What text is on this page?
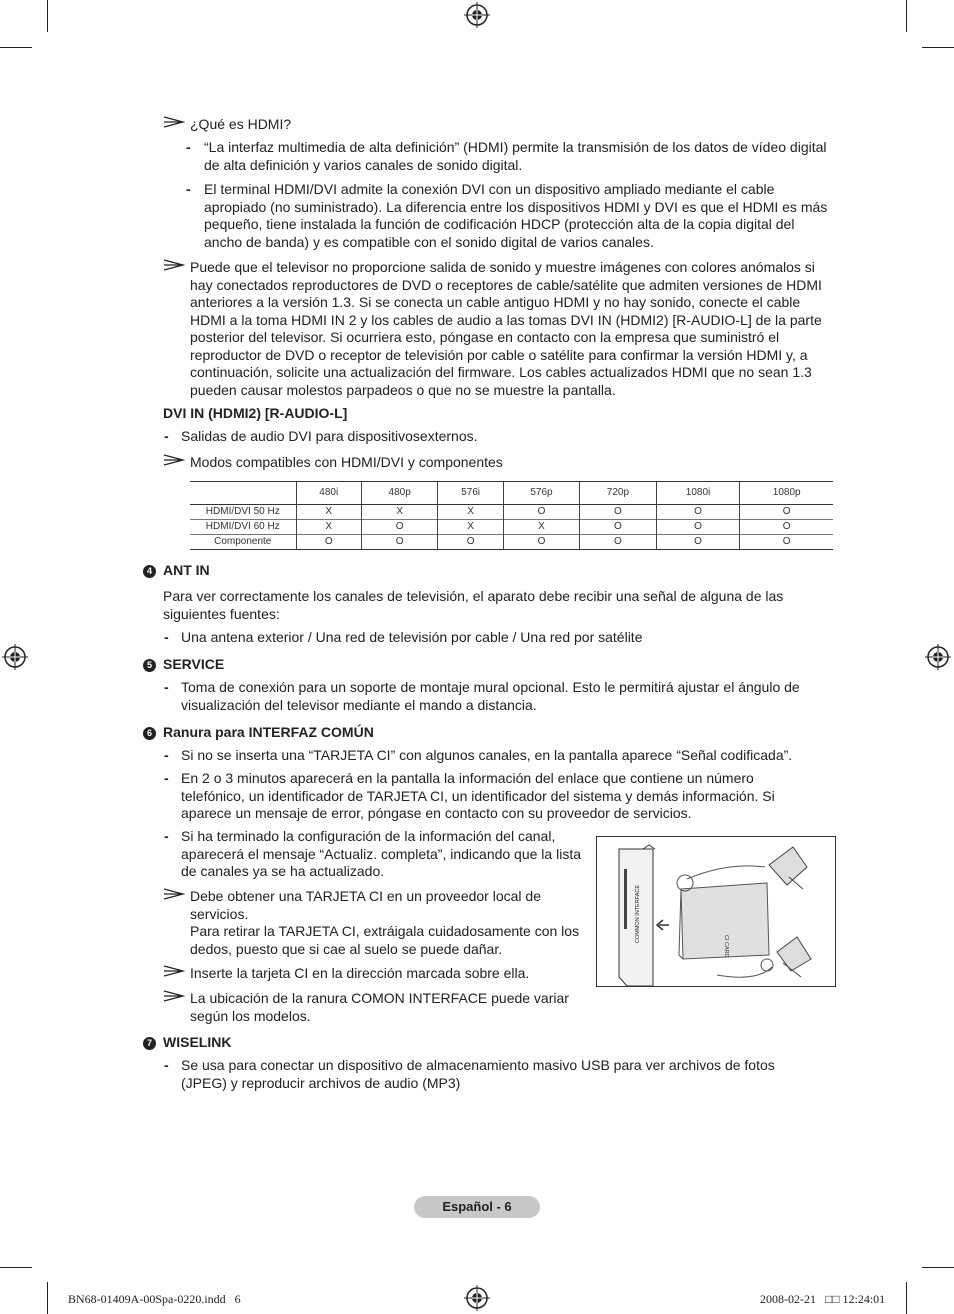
¿Qué es HDMI?
- “La interfaz multimedia de alta definición” (HDMI) permite la transmisión de los datos de vídeo digital de alta definición y varios canales de sonido digital.
- El terminal HDMI/DVI admite la conexión DVI con un dispositivo ampliado mediante el cable apropiado (no suministrado). La diferencia entre los dispositivos HDMI y DVI es que el HDMI es más pequeño, tiene instalada la función de codificación HDCP (protección alta de la copia digital del ancho de banda) y es compatible con el sonido digital de varios canales.
Puede que el televisor no proporcione salida de sonido y muestre imágenes con colores anómalos si hay conectados reproductores de DVD o receptores de cable/satélite que admiten versiones de HDMI anteriores a la versión 1.3. Si se conecta un cable antiguo HDMI y no hay sonido, conecte el cable HDMI a la toma HDMI IN 2 y los cables de audio a las tomas DVI IN (HDMI2) [R-AUDIO-L] de la parte posterior del televisor. Si ocurriera esto, póngase en contacto con la empresa que suministró el reproductor de DVD o receptor de televisión por cable o satélite para confirmar la versión HDMI y, a continuación, solicite una actualización del firmware. Los cables actualizados HDMI que no sean 1.3 pueden causar molestos parpadeos o que no se muestre la pantalla.
DVI IN (HDMI2) [R-AUDIO-L]
- Salidas de audio DVI para dispositivosexternos.
Modos compatibles con HDMI/DVI y componentes
	480i	480p	576i	576p	720p	1080i	1080p
HDMI/DVI 50 Hz	X	X	X	O	O	O	O
HDMI/DVI 60 Hz	X	O	X	X	O	O	O
Componente	O	O	O	O	O	O	O
4 ANT IN
Para ver correctamente los canales de televisión, el aparato debe recibir una señal de alguna de las siguientes fuentes:
- Una antena exterior / Una red de televisión por cable / Una red por satélite
5 SERVICE
- Toma de conexión para un soporte de montaje mural opcional. Esto le permitirá ajustar el ángulo de visualización del televisor mediante el mando a distancia.
6 Ranura para INTERFAZ COMÚN
- Si no se inserta una “TARJETA CI” con algunos canales, en la pantalla aparece “Señal codificada”.
- En 2 o 3 minutos aparecerá en la pantalla la información del enlace que contiene un número telefónico, un identificador de TARJETA CI, un identificador del sistema y demás información. Si aparece un mensaje de error, póngase en contacto con su proveedor de servicios.
- Si ha terminado la configuración de la información del canal, aparecerá el mensaje “Actualiz. completa”, indicando que la lista de canales ya se ha actualizado.
Debe obtener una TARJETA CI en un proveedor local de servicios.
Para retirar la TARJETA CI, extráigala cuidadosamente con los dedos, puesto que si cae al suelo se puede dañar.
Inserte la tarjeta CI en la dirección marcada sobre ella.
La ubicación de la ranura COMON INTERFACE puede variar según los modelos.
COMMON INTERFACE
CI CARD
7 WISELINK
- Se usa para conectar un dispositivo de almacenamiento masivo USB para ver archivos de fotos (JPEG) y reproducir archivos de audio (MP3)
Español - 6
BN68-01409A-00Spa-0220.indd   6	2008-02-21   □□ 12:24:01
